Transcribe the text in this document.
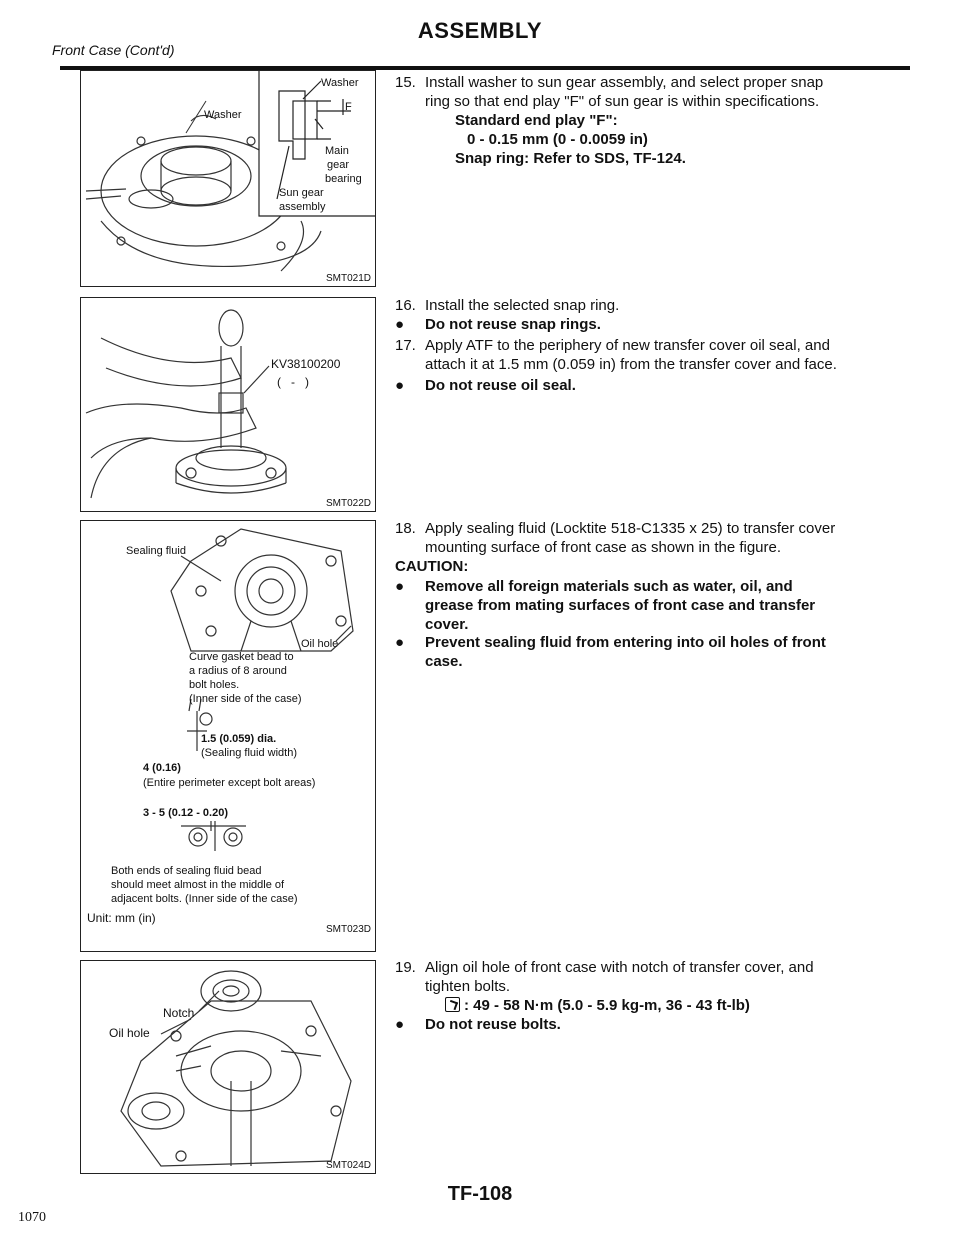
Front Case (Cont'd)
ASSEMBLY
Washer
Washer
F
Main
gear
bearing
Sun gear
assembly
SMT021D
KV38100200
(   -   )
SMT022D
Sealing fluid
Oil hole
Curve gasket bead to
a radius of 8 around
bolt holes.
(Inner side of the case)
1.5 (0.059) dia.
(Sealing fluid width)
4 (0.16)
(Entire perimeter except bolt areas)
3 - 5 (0.12 - 0.20)
Both ends of sealing fluid bead
should meet almost in the middle of
adjacent bolts. (Inner side of the case)
Unit: mm (in)
SMT023D
Notch
Oil hole
SMT024D
15. Install washer to sun gear assembly, and select proper snap
ring so that end play "F" of sun gear is within specifications.
Standard end play "F":
0 - 0.15 mm (0 - 0.0059 in)
Snap ring: Refer to SDS, TF-124.
16. Install the selected snap ring.
● Do not reuse snap rings.
17. Apply ATF to the periphery of new transfer cover oil seal, and
attach it at 1.5 mm (0.059 in) from the transfer cover and face.
● Do not reuse oil seal.
18. Apply sealing fluid (Locktite 518-C1335 x 25) to transfer cover
mounting surface of front case as shown in the figure.
CAUTION:
● Remove all foreign materials such as water, oil, and
grease from mating surfaces of front case and transfer
cover.
● Prevent sealing fluid from entering into oil holes of front
case.
19. Align oil hole of front case with notch of transfer cover, and
tighten bolts.
: 49 - 58 N·m (5.0 - 5.9 kg-m, 36 - 43 ft-lb)
● Do not reuse bolts.
TF-108
1070
